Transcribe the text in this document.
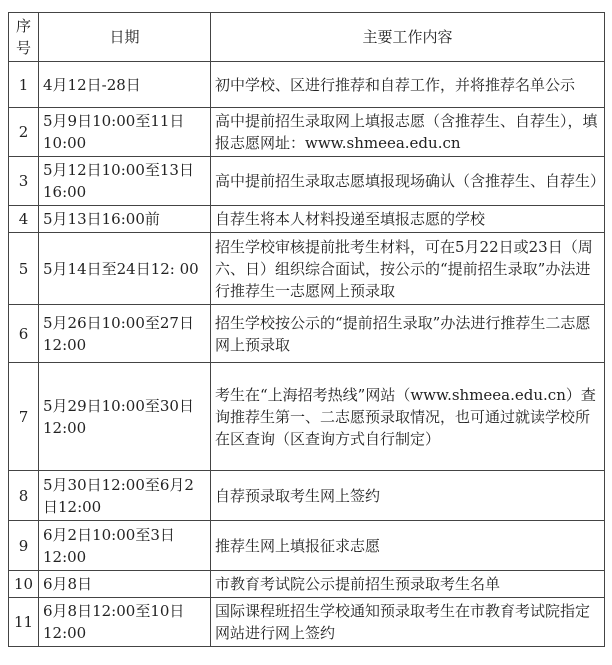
序号	日期	主要工作内容
1	4月12日-28日	初中学校、区进行推荐和自荐工作，并将推荐名单公示
2	5月9日10:00至11日10:00	高中提前招生录取网上填报志愿（含推荐生、自荐生），填报志愿网址：www.shmeea.edu.cn
3	5月12日10:00至13日16:00	高中提前招生录取志愿填报现场确认（含推荐生、自荐生）
4	5月13日16:00前	自荐生将本人材料投递至填报志愿的学校
5	5月14日至24日12: 00	招生学校审核提前批考生材料，可在5月22日或23日（周六、日）组织综合面试，按公示的“提前招生录取”办法进行推荐生一志愿网上预录取
6	5月26日10:00至27日12:00	招生学校按公示的“提前招生录取”办法进行推荐生二志愿网上预录取
7	5月29日10:00至30日12:00	考生在“上海招考热线”网站（www.shmeea.edu.cn）查询推荐生第一、二志愿预录取情况，也可通过就读学校所在区查询（区查询方式自行制定）
8	5月30日12:00至6月2日12:00	自荐预录取考生网上签约
9	6月2日10:00至3日12:00	推荐生网上填报征求志愿
10	6月8日	市教育考试院公示提前招生预录取考生名单
11	6月8日12:00至10日12:00	国际课程班招生学校通知预录取考生在市教育考试院指定网站进行网上签约
